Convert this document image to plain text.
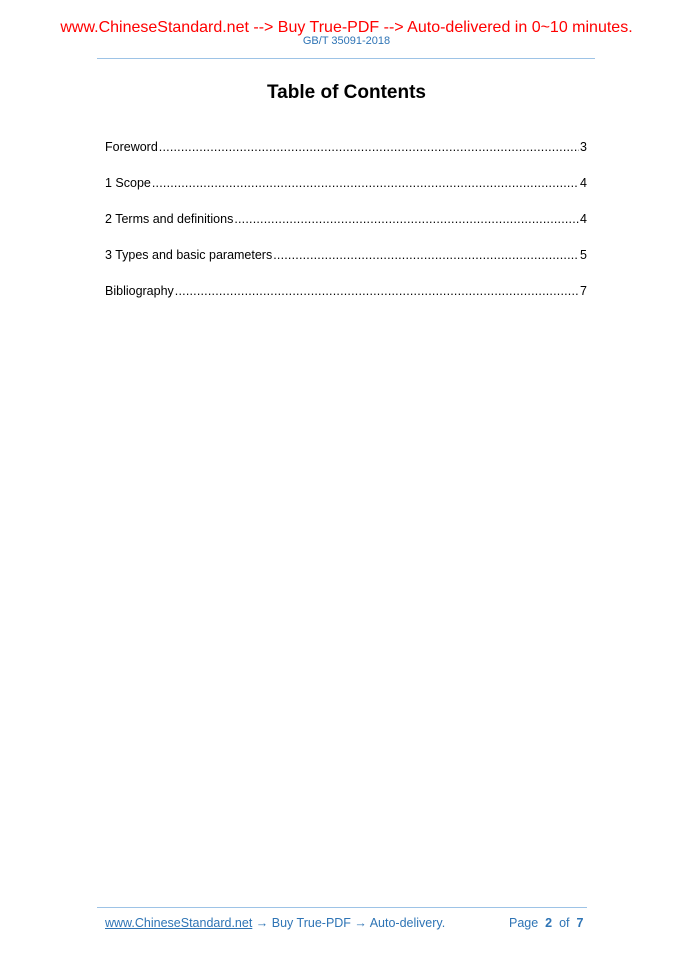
www.ChineseStandard.net --> Buy True-PDF --> Auto-delivered in 0~10 minutes.
GB/T 35091-2018
Table of Contents
Foreword .....	3
1 Scope .....	4
2 Terms and definitions .....	4
3 Types and basic parameters .....	5
Bibliography .....	7
www.ChineseStandard.net → Buy True-PDF → Auto-delivery.	Page 2 of 7
